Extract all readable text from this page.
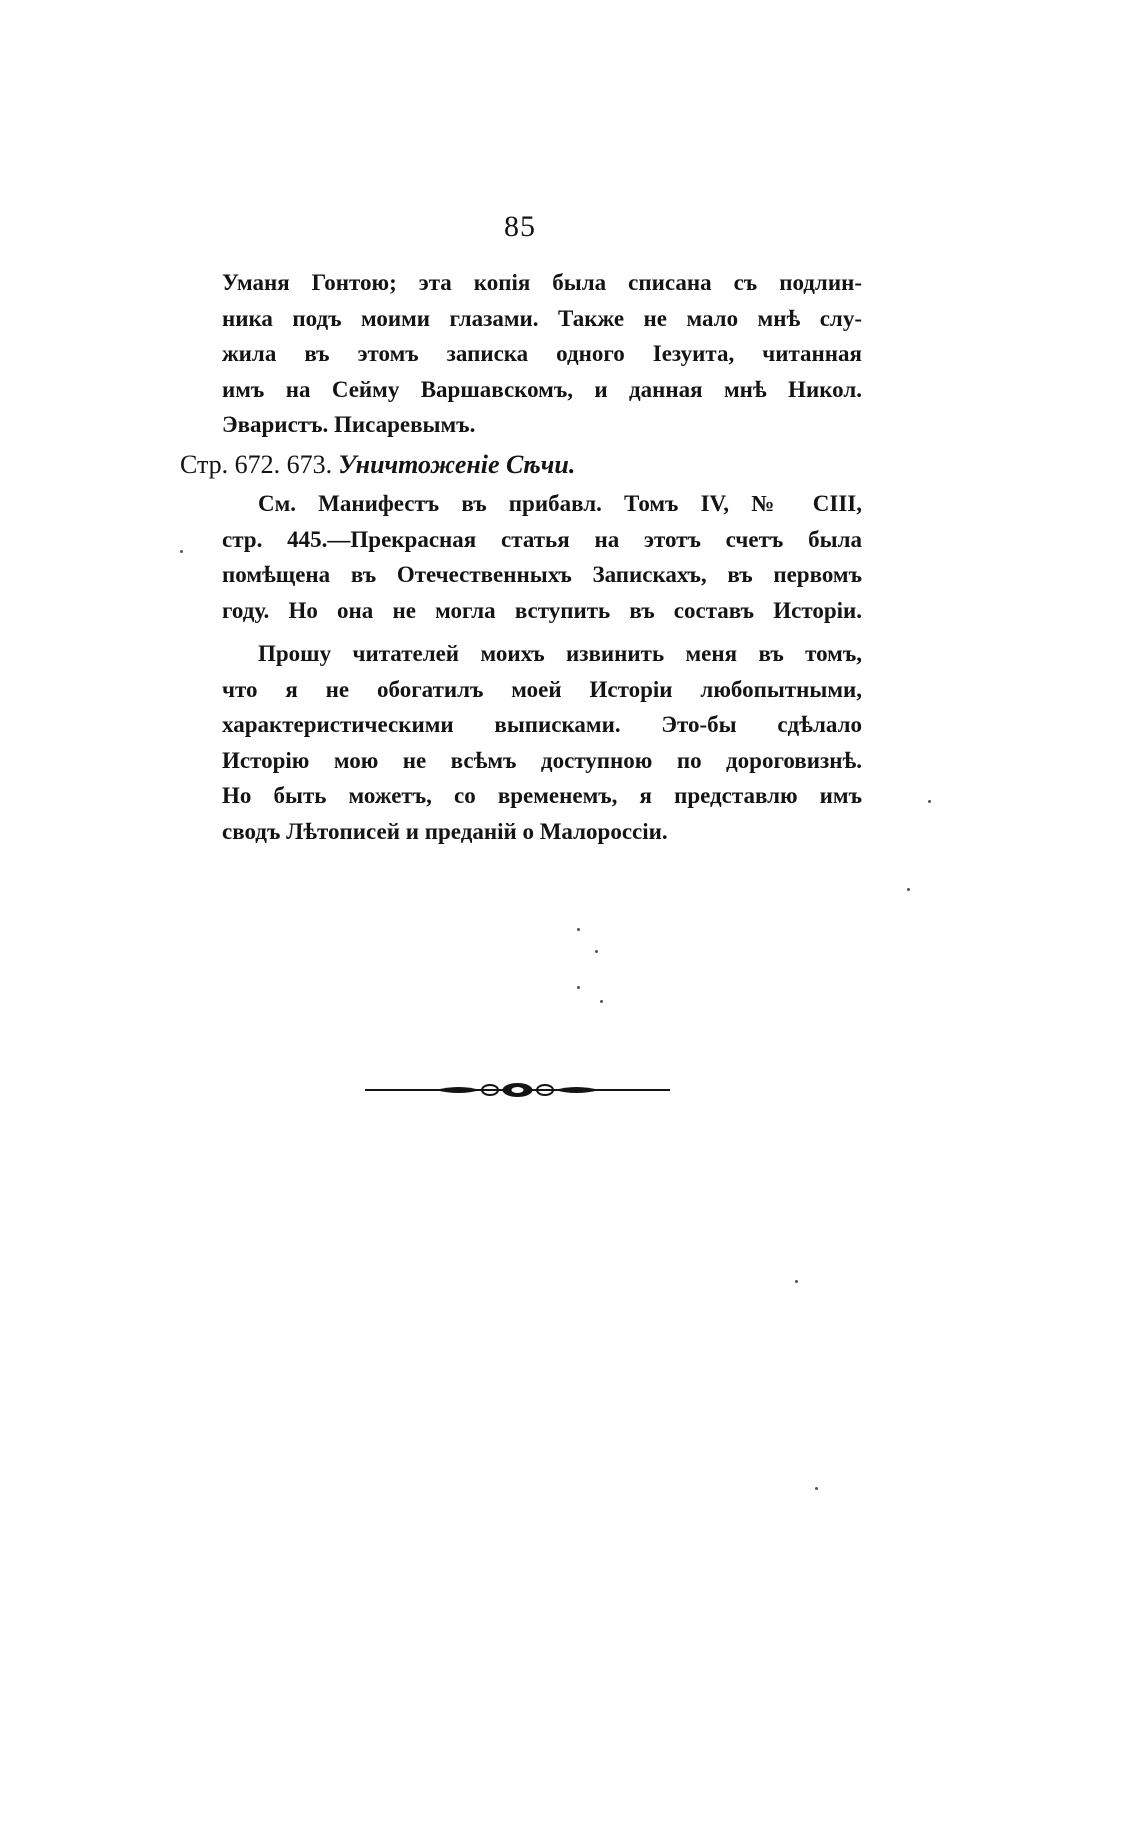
85
Уманя Гонтою; эта копія была списана съ подлин-
ника подъ моими глазами. Также не мало мнѣ слу-
жила въ этомъ записка одного Іезуита, читанная
имъ на Сейму Варшавскомъ, и данная мнѣ Никол.
Эваристъ. Писаревымъ.
Стр. 672. 673. Уничтоженіе Сѣчи.
См. Манифестъ въ прибавл. Томъ IV, № CIII,
стр. 445.—Прекрасная статья на этотъ счетъ была
помѣщена въ Отечественныхъ Запискахъ, въ первомъ
году. Но она не могла вступить въ составъ Исторіи.
Прошу читателей моихъ извинить меня въ томъ,
что я не обогатилъ моей Исторіи любопытными,
характеристическими выписками. Это-бы сдѣлало
Исторію мою не всѣмъ доступною по дороговизнѣ.
Но быть можетъ, со временемъ, я представлю имъ
сводъ Лѣтописей и преданій о Малороссіи.
